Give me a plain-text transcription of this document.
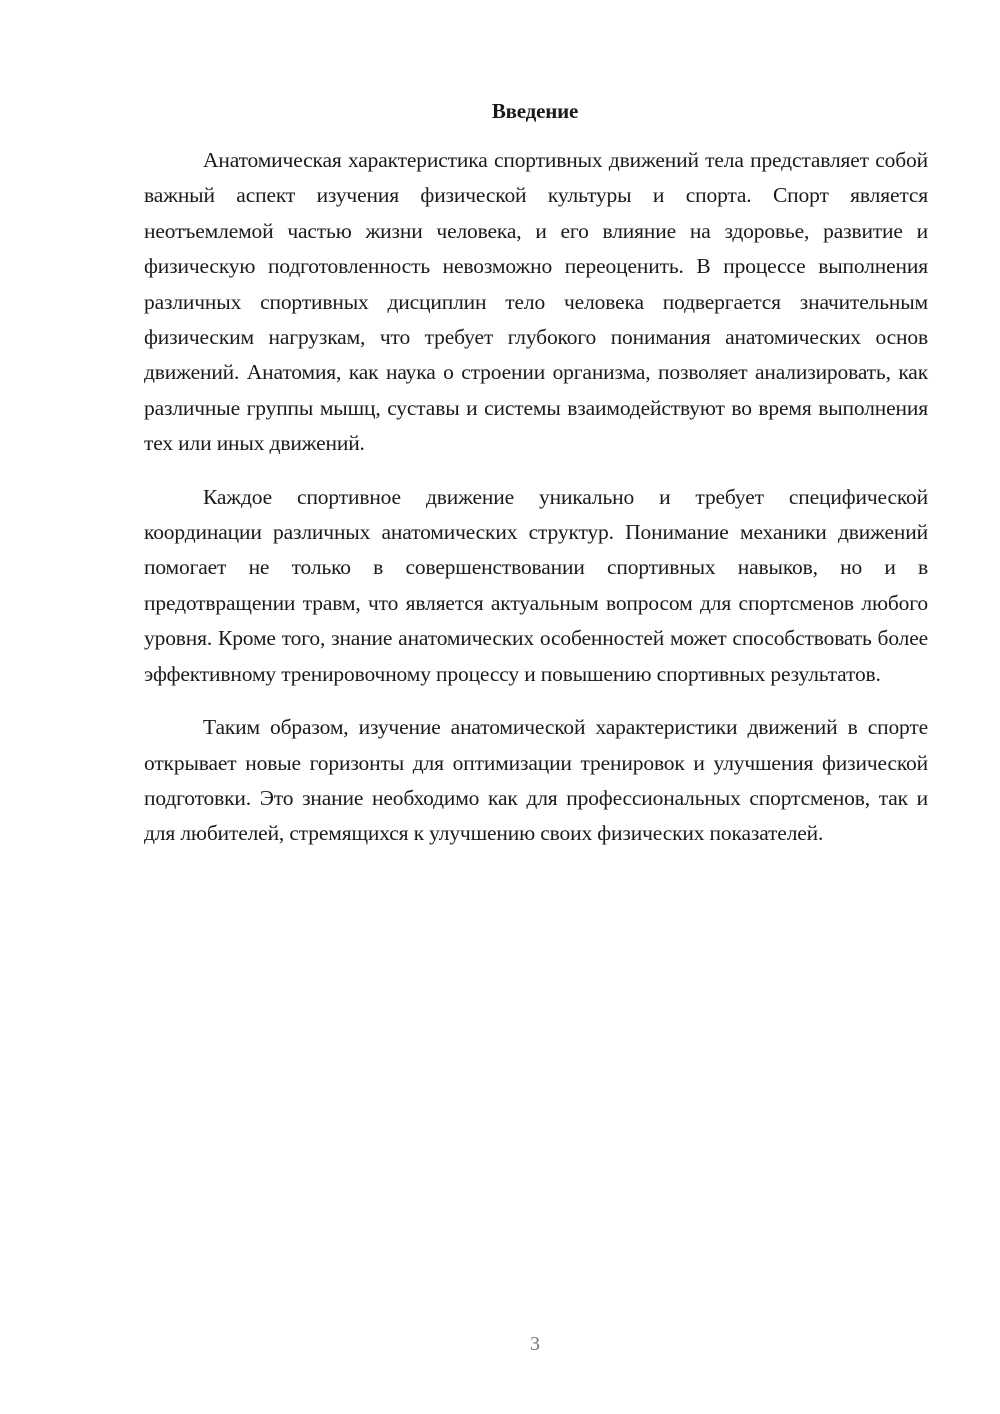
Введение

Анатомическая характеристика спортивных движений тела представляет собой важный аспект изучения физической культуры и спорта. Спорт является неотъемлемой частью жизни человека, и его влияние на здоровье, развитие и физическую подготовленность невозможно переоценить. В процессе выполнения различных спортивных дисциплин тело человека подвергается значительным физическим нагрузкам, что требует глубокого понимания анатомических основ движений. Анатомия, как наука о строении организма, позволяет анализировать, как различные группы мышц, суставы и системы взаимодействуют во время выполнения тех или иных движений.

Каждое спортивное движение уникально и требует специфической координации различных анатомических структур. Понимание механики движений помогает не только в совершенствовании спортивных навыков, но и в предотвращении травм, что является актуальным вопросом для спортсменов любого уровня. Кроме того, знание анатомических особенностей может способствовать более эффективному тренировочному процессу и повышению спортивных результатов.

Таким образом, изучение анатомической характеристики движений в спорте открывает новые горизонты для оптимизации тренировок и улучшения физической подготовки. Это знание необходимо как для профессиональных спортсменов, так и для любителей, стремящихся к улучшению своих физических показателей.

3
